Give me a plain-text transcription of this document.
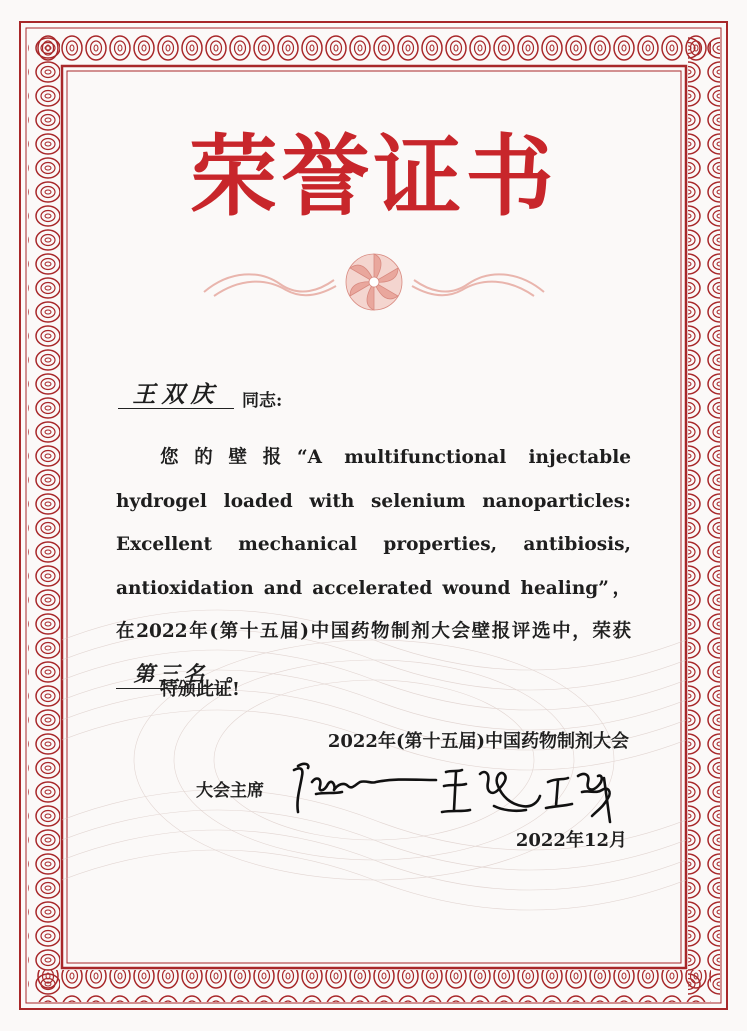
荣誉证书
王双庆	同志:
您的壁报“A multifunctional injectable hydrogel loaded with selenium nanoparticles: Excellent mechanical properties, antibiosis, antioxidation and accelerated wound healing”，在2022年(第十五届)中国药物制剂大会壁报评选中，荣获第三名 。
特颁此证!
2022年(第十五届)中国药物制剂大会
大会主席
2022年12月
